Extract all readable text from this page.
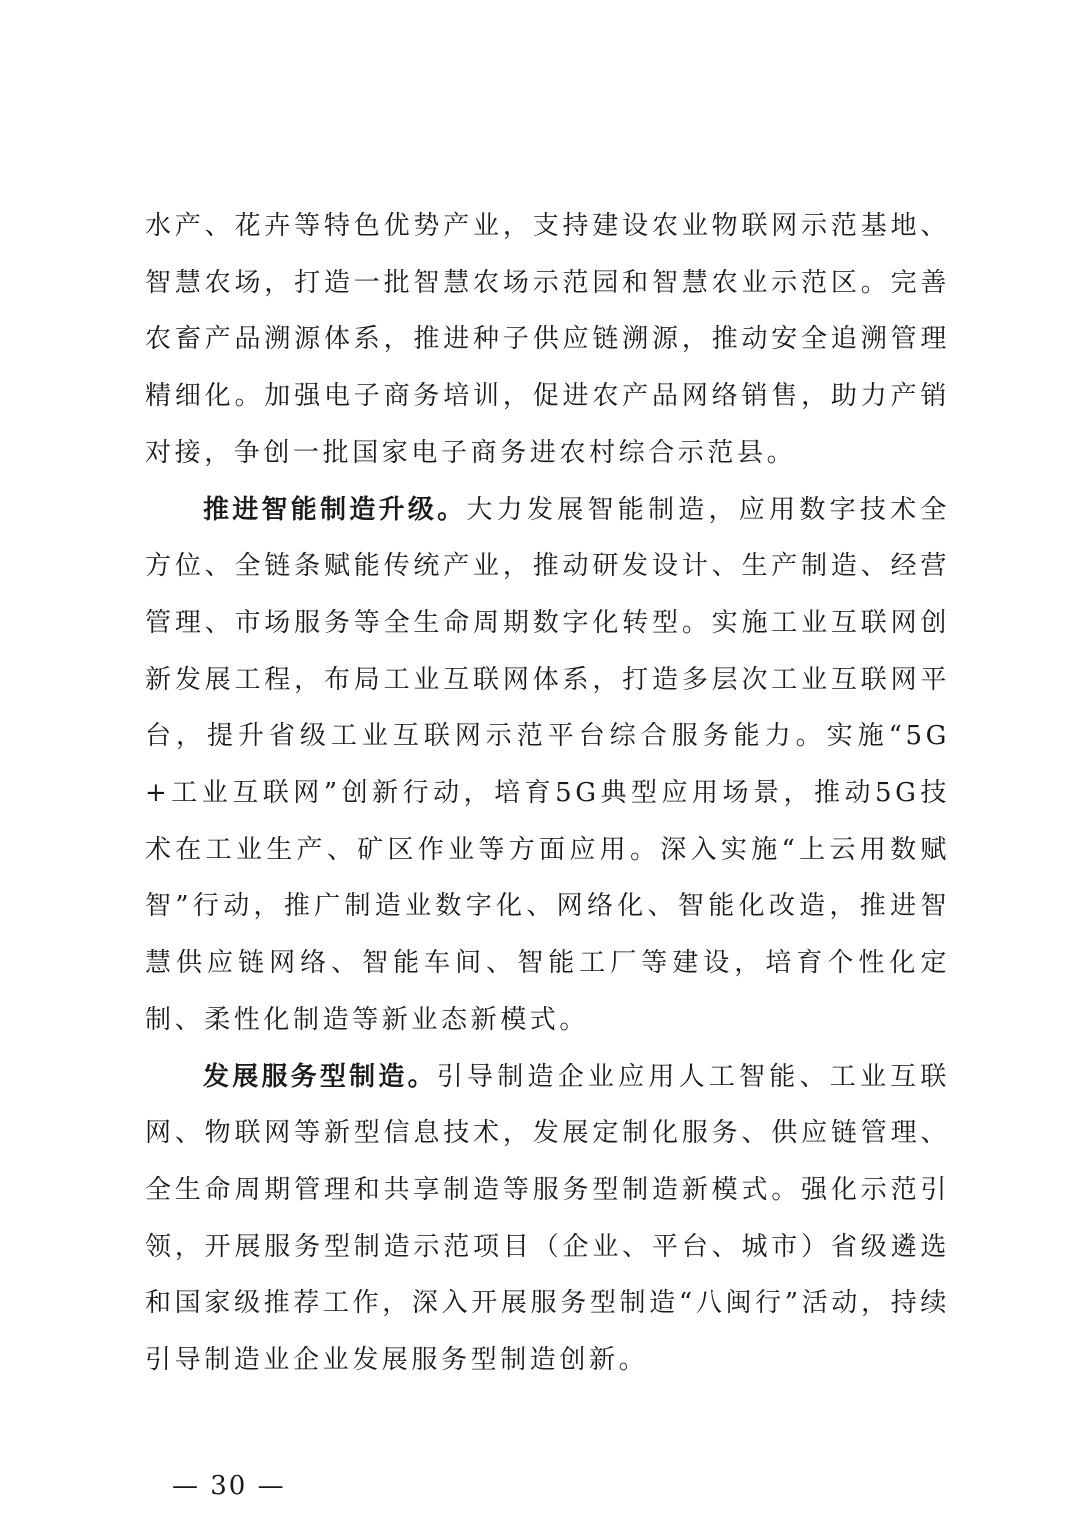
水产、花卉等特色优势产业，支持建设农业物联网示范基地、智慧农场，打造一批智慧农场示范园和智慧农业示范区。完善农畜产品溯源体系，推进种子供应链溯源，推动安全追溯管理精细化。加强电子商务培训，促进农产品网络销售，助力产销对接，争创一批国家电子商务进农村综合示范县。

推进智能制造升级。大力发展智能制造，应用数字技术全方位、全链条赋能传统产业，推动研发设计、生产制造、经营管理、市场服务等全生命周期数字化转型。实施工业互联网创新发展工程，布局工业互联网体系，打造多层次工业互联网平台，提升省级工业互联网示范平台综合服务能力。实施“5G+工业互联网”创新行动，培育5G典型应用场景，推动5G技术在工业生产、矿区作业等方面应用。深入实施“上云用数赋智”行动，推广制造业数字化、网络化、智能化改造，推进智慧供应链网络、智能车间、智能工厂等建设，培育个性化定制、柔性化制造等新业态新模式。

发展服务型制造。引导制造企业应用人工智能、工业互联网、物联网等新型信息技术，发展定制化服务、供应链管理、全生命周期管理和共享制造等服务型制造新模式。强化示范引领，开展服务型制造示范项目（企业、平台、城市）省级遴选和国家级推荐工作，深入开展服务型制造“八闽行”活动，持续引导制造业企业发展服务型制造创新。

— 30 —
